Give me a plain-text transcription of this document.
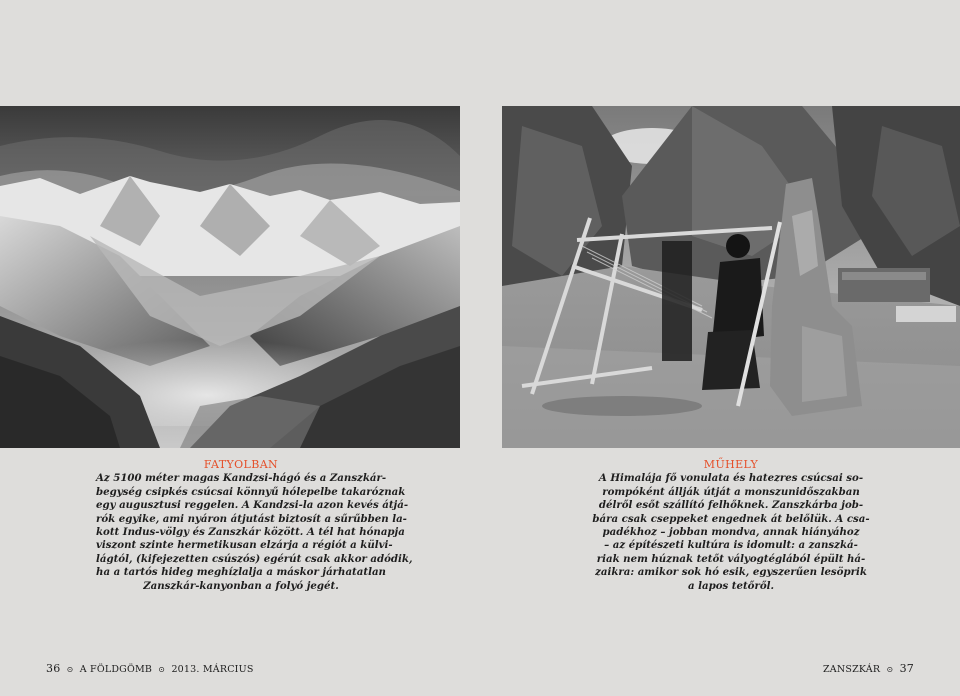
FATYOLBAN
Az 5100 méter magas Kandzsi-hágó és a Zanszkár-
begység csipkés csúcsai könnyű hólepelbe takaróznak
egy augusztusi reggelen. A Kandzsi-la azon kevés átjá-
rók egyike, ami nyáron átjutást biztosít a sűrűbben la-
kott Indus-völgy és Zanszkár között. A tél hat hónapja
viszont szinte hermetikusan elzárja a régiót a külvi-
lágtól, (kifejezetten csúszós) egérút csak akkor adódik,
ha a tartós hideg meghízlalja a máskor járhatatlan
Zanszkár-kanyonban a folyó jegét.
MŰHELY
A Himalája fő vonulata és hatezres csúcsai so-
rompóként állják útját a monszunidőszakban
délről esőt szállító felhőknek. Zanszkárba job-
bára csak cseppeket engednek át belőlük. A csa-
padékhoz – jobban mondva, annak hiányához
– az építészeti kultúra is idomult: a zanszká-
riak nem húznak tetőt vályogtéglából épült há-
zaikra: amikor sok hó esik, egyszerűen lesöprik
a lapos tetőről.
36 ⊙ A FÖLDGÖMB ⊙ 2013. MÁRCIUS	ZANSZKÁR ⊙ 37
